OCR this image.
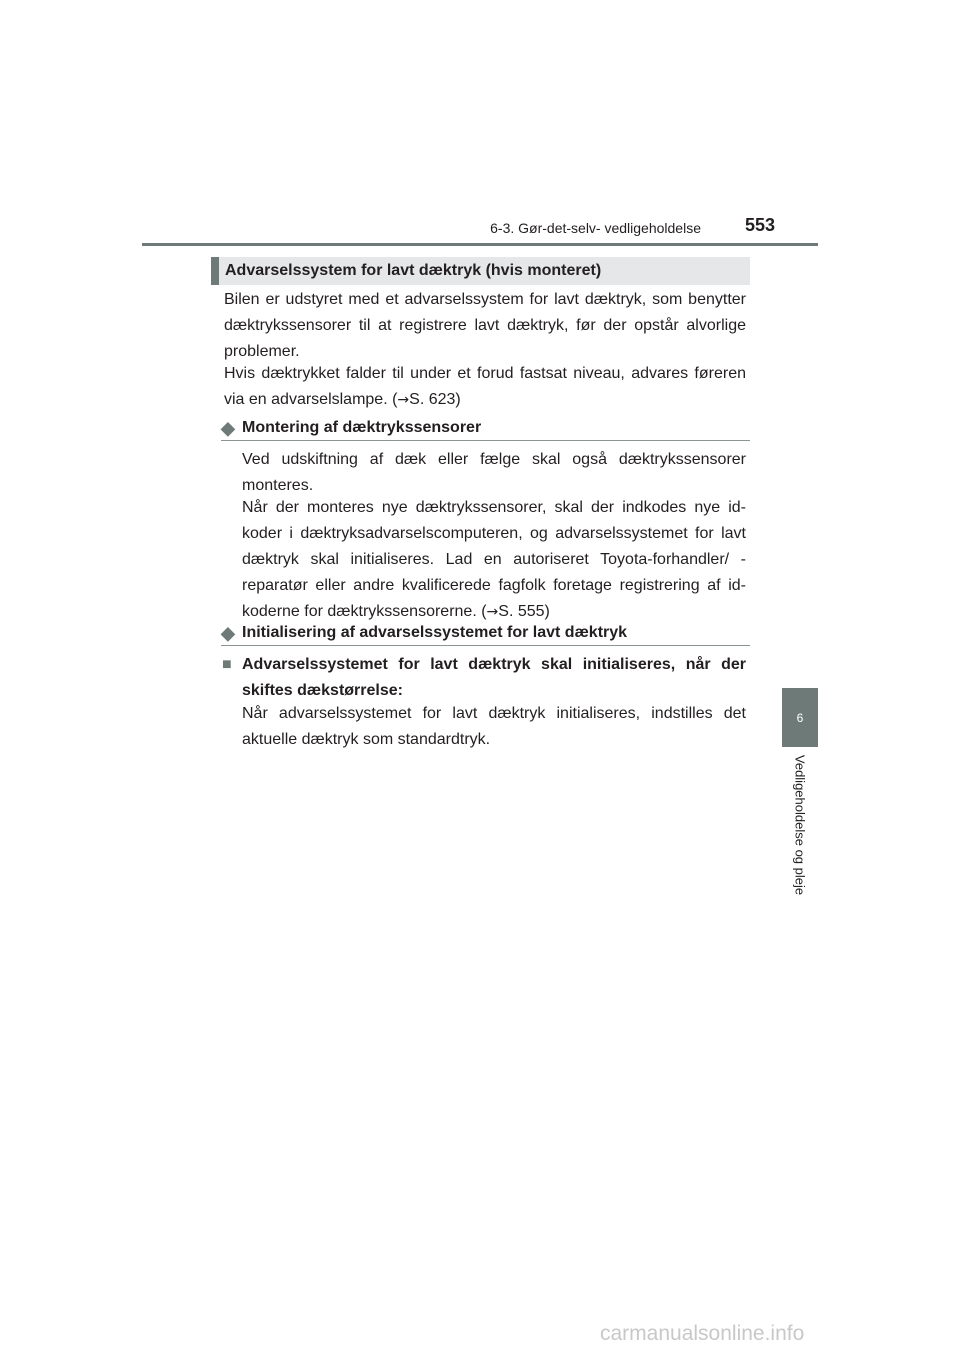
6-3. Gør-det-selv- vedligeholdelse	553
6
Vedligeholdelse og pleje
Advarselssystem for lavt dæktryk (hvis monteret)

Bilen er udstyret med et advarselssystem for lavt dæktryk, som benytter dæktrykssensorer til at registrere lavt dæktryk, før der opstår alvorlige problemer.

Hvis dæktrykket falder til under et forud fastsat niveau, advares føreren via en advarselslampe. (→S. 623)

◆ Montering af dæktrykssensorer

Ved udskiftning af dæk eller fælge skal også dæktrykssensorer monteres.

Når der monteres nye dæktrykssensorer, skal der indkodes nye id-koder i dæktryksadvarselscomputeren, og advarselssystemet for lavt dæktryk skal initialiseres. Lad en autoriseret Toyota-forhandler/ -reparatør eller andre kvalificerede fagfolk foretage registrering af id-koderne for dæktrykssensorerne. (→S. 555)

◆ Initialisering af advarselssystemet for lavt dæktryk
■ Advarselssystemet for lavt dæktryk skal initialiseres, når der skiftes dækstørrelse:

Når advarselssystemet for lavt dæktryk initialiseres, indstilles det aktuelle dæktryk som standardtryk.

carmanualsonline.info
